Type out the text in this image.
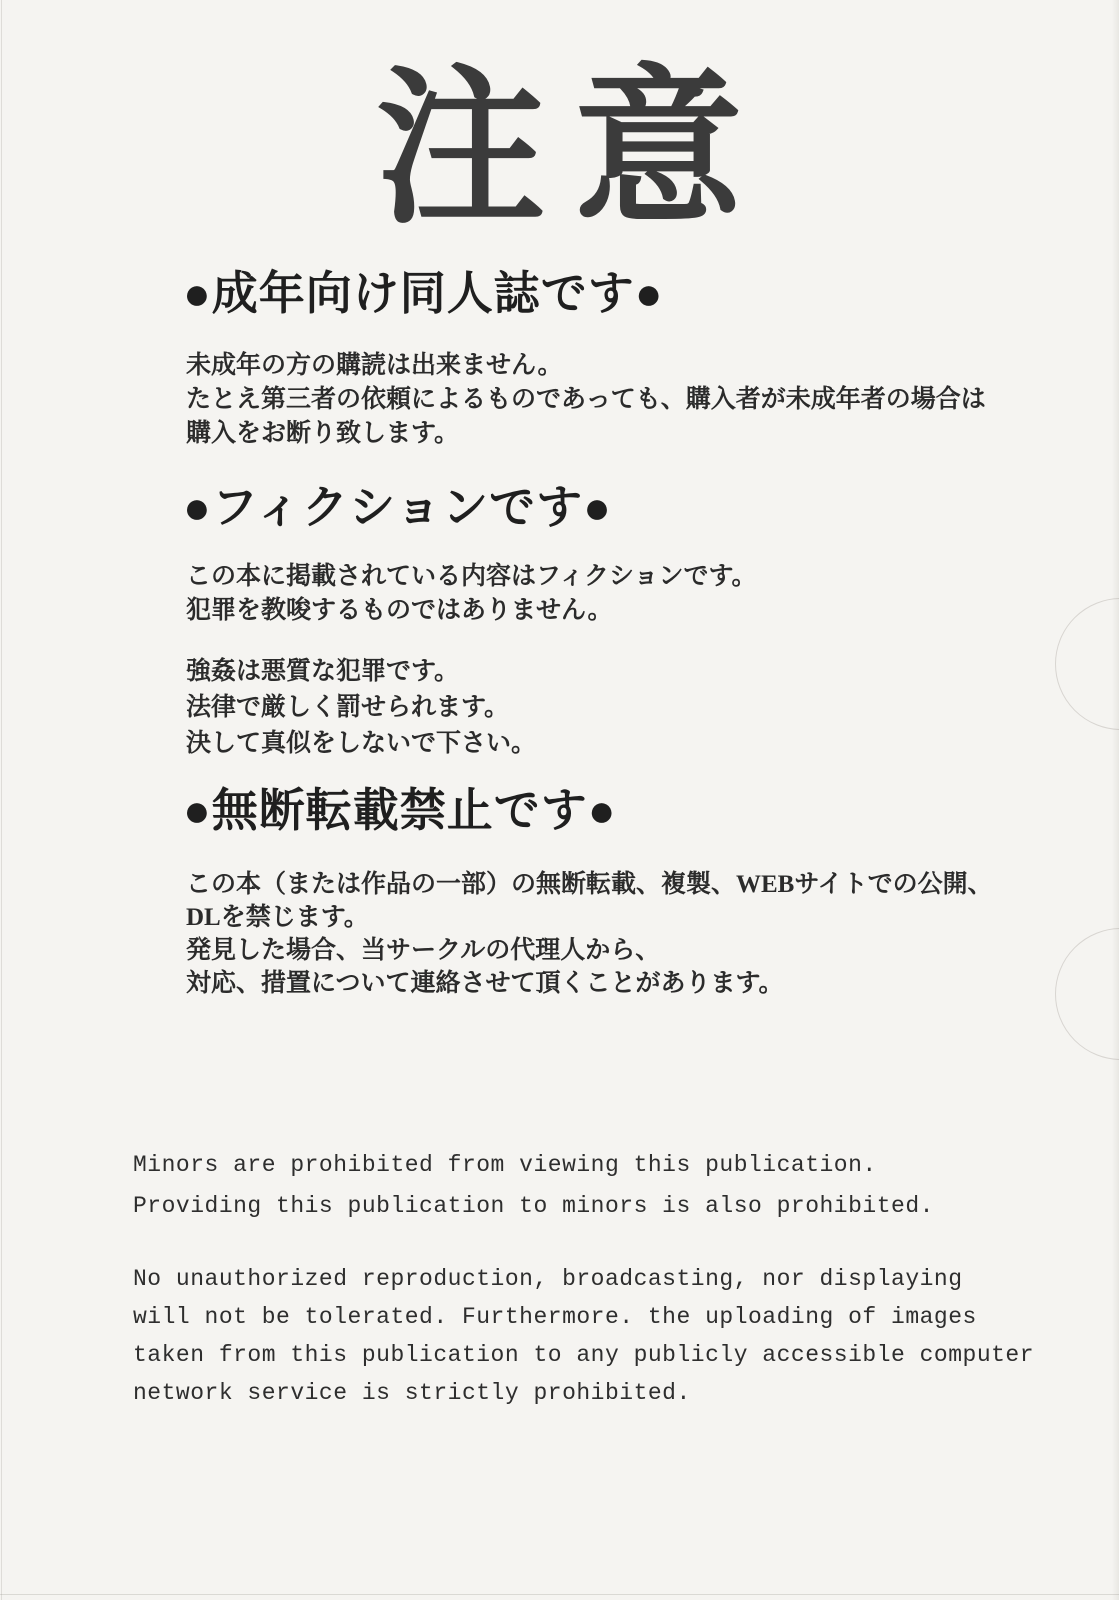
注意
●成年向け同人誌です●
未成年の方の購読は出来ません。
たとえ第三者の依頼によるものであっても、購入者が未成年者の場合は
購入をお断り致します。
●フィクションです●
この本に掲載されている内容はフィクションです。
犯罪を教唆するものではありません。
強姦は悪質な犯罪です。
法律で厳しく罰せられます。
決して真似をしないで下さい。
●無断転載禁止です●
この本（または作品の一部）の無断転載、複製、WEBサイトでの公開、
DLを禁じます。
発見した場合、当サークルの代理人から、
対応、措置について連絡させて頂くことがあります。
Minors are prohibited from viewing this publication.
Providing this publication to minors is also prohibited.
No unauthorized reproduction, broadcasting, nor displaying
will not be tolerated. Furthermore. the uploading of images
taken from this publication to any publicly accessible computer
network service is strictly prohibited.
